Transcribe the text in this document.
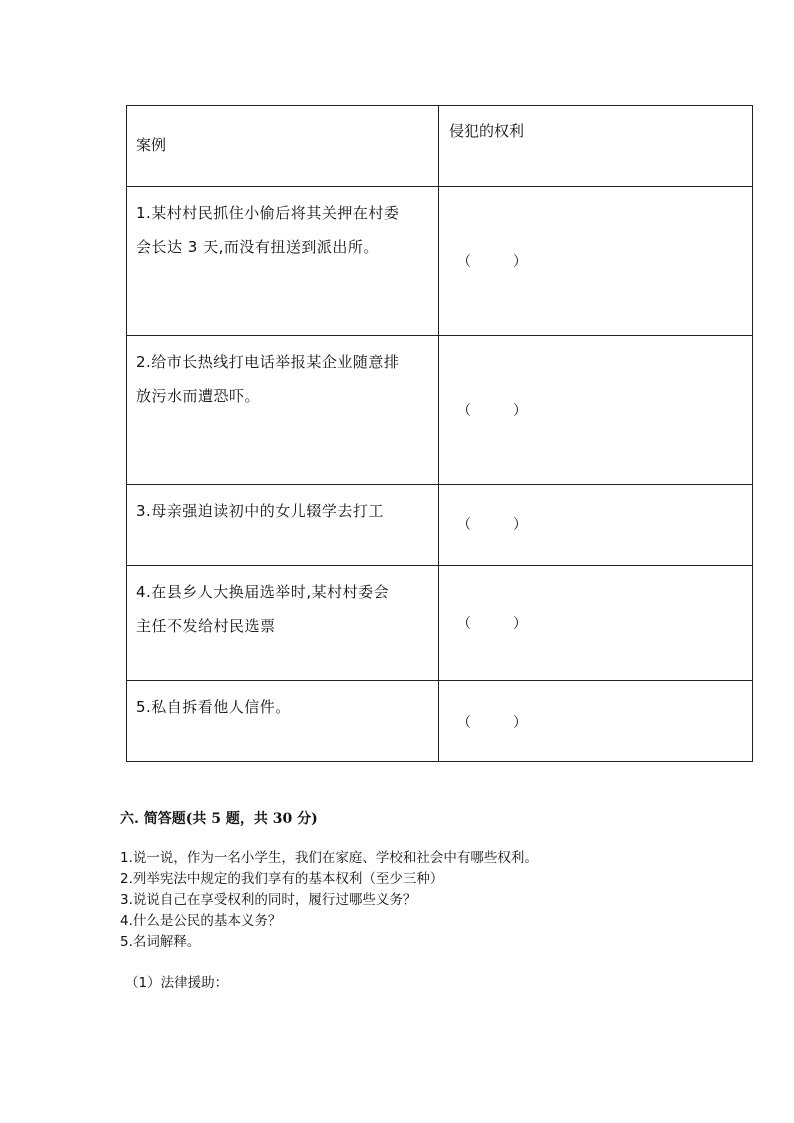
案例	侵犯的权利

1.某村村民抓住小偷后将其关押在村委
会长达 3 天,而没有扭送到派出所。	（　　　）

2.给市长热线打电话举报某企业随意排
放污水而遭恐吓。	（　　　）

3.母亲强迫读初中的女儿辍学去打工	（　　　）

4.在县乡人大换届选举时,某村村委会
主任不发给村民选票	（　　　）

5.私自拆看他人信件。	（　　　）
六. 简答题(共 5 题，共 30 分)
1.说一说，作为一名小学生，我们在家庭、学校和社会中有哪些权利。
2.列举宪法中规定的我们享有的基本权利（至少三种）
3.说说自己在享受权利的同时，履行过哪些义务？
4.什么是公民的基本义务？
5.名词解释。
（1）法律援助：
